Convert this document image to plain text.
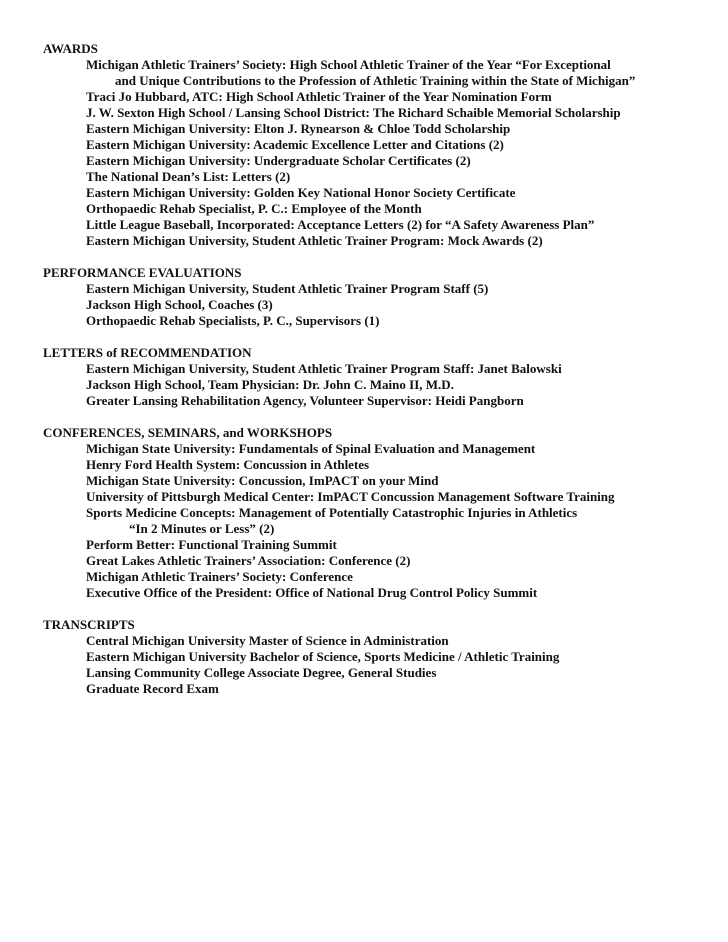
AWARDS
Michigan Athletic Trainers’ Society: High School Athletic Trainer of the Year “For Exceptional
and Unique Contributions to the Profession of Athletic Training within the State of Michigan”
Traci Jo Hubbard, ATC: High School Athletic Trainer of the Year Nomination Form
J. W. Sexton High School / Lansing School District: The Richard Schaible Memorial Scholarship
Eastern Michigan University: Elton J. Rynearson & Chloe Todd Scholarship
Eastern Michigan University: Academic Excellence Letter and Citations (2)
Eastern Michigan University: Undergraduate Scholar Certificates (2)
The National Dean’s List: Letters (2)
Eastern Michigan University: Golden Key National Honor Society Certificate
Orthopaedic Rehab Specialist, P. C.: Employee of the Month
Little League Baseball, Incorporated: Acceptance Letters (2) for “A Safety Awareness Plan”
Eastern Michigan University, Student Athletic Trainer Program: Mock Awards (2)
PERFORMANCE EVALUATIONS
Eastern Michigan University, Student Athletic Trainer Program Staff (5)
Jackson High School, Coaches (3)
Orthopaedic Rehab Specialists, P. C., Supervisors (1)
LETTERS of RECOMMENDATION
Eastern Michigan University, Student Athletic Trainer Program Staff: Janet Balowski
Jackson High School, Team Physician: Dr. John C. Maino II, M.D.
Greater Lansing Rehabilitation Agency, Volunteer Supervisor: Heidi Pangborn
CONFERENCES, SEMINARS, and WORKSHOPS
Michigan State University: Fundamentals of Spinal Evaluation and Management
Henry Ford Health System: Concussion in Athletes
Michigan State University: Concussion, ImPACT on your Mind
University of Pittsburgh Medical Center: ImPACT Concussion Management Software Training
Sports Medicine Concepts: Management of Potentially Catastrophic Injuries in Athletics
“In 2 Minutes or Less” (2)
Perform Better: Functional Training Summit
Great Lakes Athletic Trainers’ Association: Conference (2)
Michigan Athletic Trainers’ Society: Conference
Executive Office of the President: Office of National Drug Control Policy Summit
TRANSCRIPTS
Central Michigan University Master of Science in Administration
Eastern Michigan University Bachelor of Science, Sports Medicine / Athletic Training
Lansing Community College Associate Degree, General Studies
Graduate Record Exam
